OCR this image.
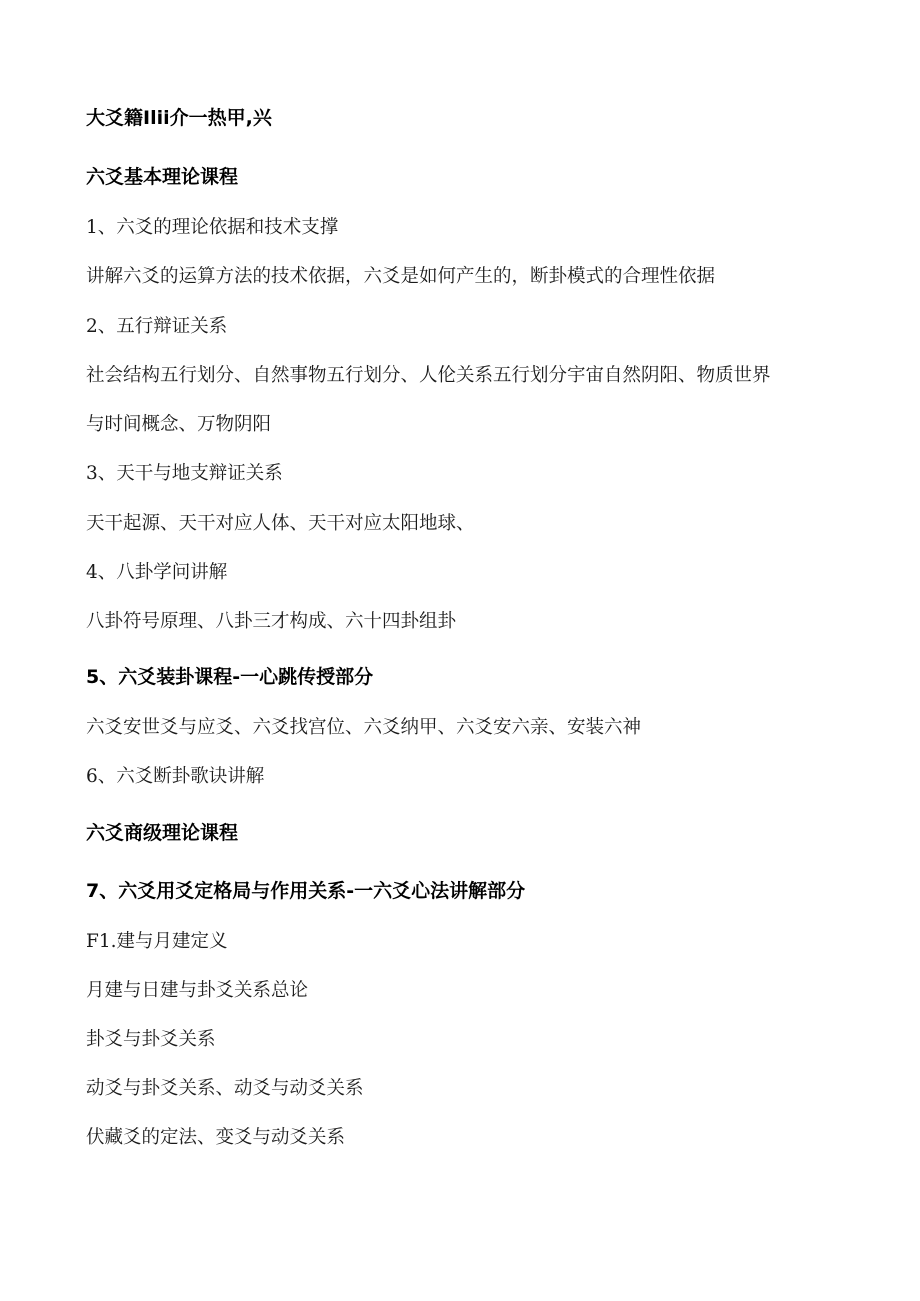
大爻籍Ilii介一热甲,兴
六爻基本理论课程
1、六爻的理论依据和技术支撑
讲解六爻的运算方法的技术依据，六爻是如何产生的，断卦模式的合理性依据
2、五行辩证关系
社会结构五行划分、自然事物五行划分、人伦关系五行划分宇宙自然阴阳、物质世界
与时间概念、万物阴阳
3、天干与地支辩证关系
天干起源、天干对应人体、天干对应太阳地球、
4、八卦学问讲解
八卦符号原理、八卦三才构成、六十四卦组卦
5、六爻装卦课程-一心跳传授部分
六爻安世爻与应爻、六爻找宫位、六爻纳甲、六爻安六亲、安装六神
6、六爻断卦歌诀讲解
六爻商级理论课程
7、六爻用爻定格局与作用关系-一六爻心法讲解部分
F1.建与月建定义
月建与日建与卦爻关系总论
卦爻与卦爻关系
动爻与卦爻关系、动爻与动爻关系
伏藏爻的定法、变爻与动爻关系
